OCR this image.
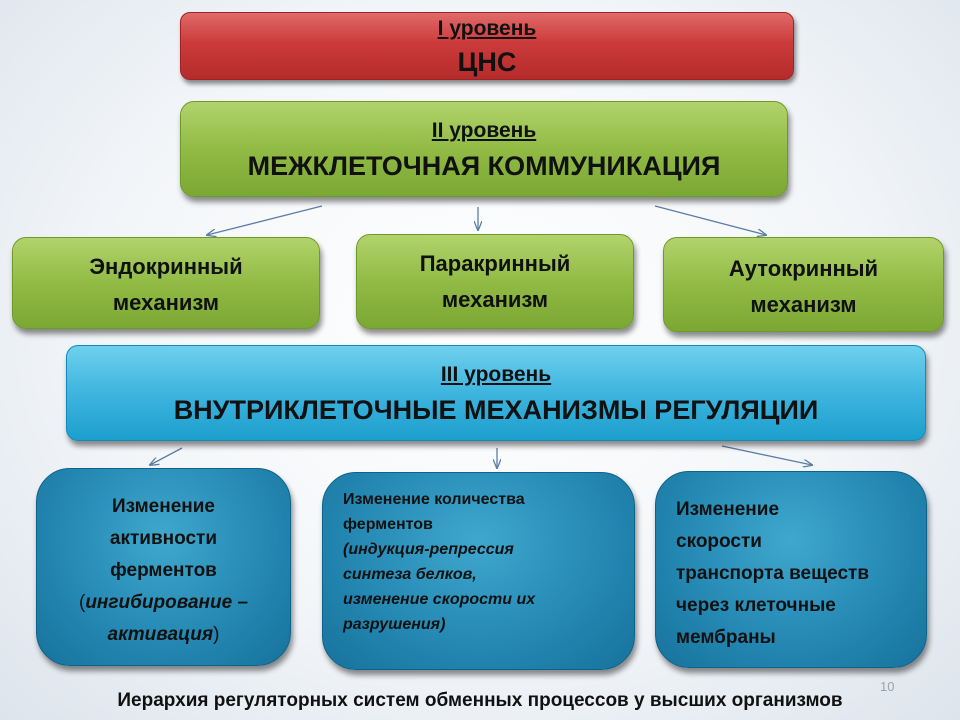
I уровень
ЦНС
II уровень
МЕЖКЛЕТОЧНАЯ КОММУНИКАЦИЯ
Эндокринный
механизм
Паракринный
механизм
Аутокринный
механизм
III уровень
ВНУТРИКЛЕТОЧНЫЕ МЕХАНИЗМЫ РЕГУЛЯЦИИ
Изменение
активности
ферментов
(ингибирование –
активация)
Изменение количества
ферментов
(индукция-репрессия
синтеза белков,
изменение скорости их
разрушения)
Изменение
скорости
транспорта веществ
через клеточные
мембраны
10
Иерархия регуляторных систем обменных процессов у высших организмов
